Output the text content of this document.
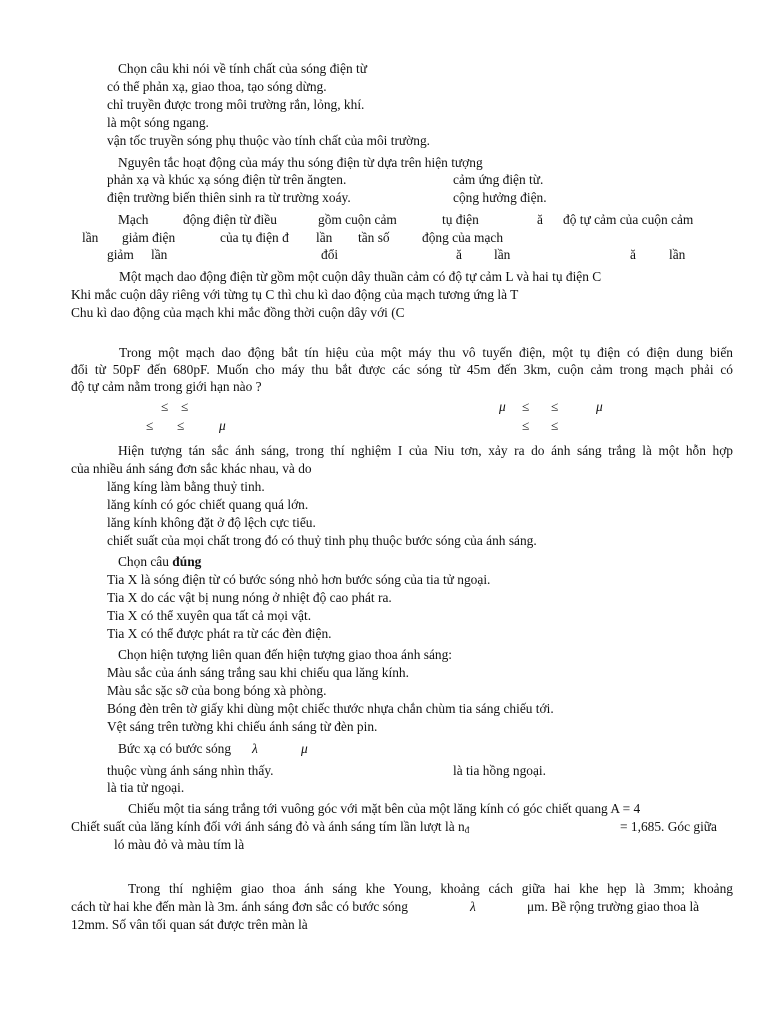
Chọn câu khi nói về tính chất của sóng điện từ
có thể phản xạ, giao thoa, tạo sóng dừng.
chỉ truyền được trong môi trường rắn, lỏng, khí.
là một sóng ngang.
vận tốc truyền sóng phụ thuộc vào tính chất của môi trường.
Nguyên tắc hoạt động của máy thu sóng điện từ dựa trên hiện tượng
phản xạ và khúc xạ sóng điện từ trên ăngten.	cảm ứng điện từ.
điện trường biến thiên sinh ra từ trường xoáy.	cộng hưởng điện.
Mạch	động điện từ điều	gồm cuộn cảm	tụ điện	ă độ tự cảm của cuộn cảm
lần giảm điện	của tụ điện đ lần tần số động của mạch
giảm lần	đổi	ă lần	ă lần
Một mạch dao động điện từ gồm một cuộn dây thuần cảm có độ tự cảm L và hai tụ điện C
Khi mắc cuộn dây riêng với từng tụ C thì chu kì dao động của mạch tương ứng là T
Chu kì dao động của mạch khi mắc đồng thời cuộn dây với (C
Trong một mạch dao động bắt tín hiệu của một máy thu vô tuyến điện, một tụ điện có điện dung biến
đổi từ 50pF đến 680pF. Muốn cho máy thu bắt được các sóng từ 45m đến 3km, cuộn cảm trong mạch phải có
độ tự cảm nằm trong giới hạn nào ?
≤ ≤	μ ≤ ≤	μ
≤ ≤	μ	≤ ≤
Hiện tượng tán sắc ánh sáng, trong thí nghiệm I của Niu tơn, xảy ra do ánh sáng trắng là một hỗn hợp
của nhiều ánh sáng đơn sắc khác nhau, và do
lăng kíng làm bằng thuỷ tinh.
lăng kính có góc chiết quang quá lớn.
lăng kính không đặt ở độ lệch cực tiểu.
chiết suất của mọi chất trong đó có thuỷ tinh phụ thuộc bước sóng của ánh sáng.
Chọn câu đúng
Tia X là sóng điện từ có bước sóng nhỏ hơn bước sóng của tia tử ngoại.
Tia X do các vật bị nung nóng ở nhiệt độ cao phát ra.
Tia X có thể xuyên qua tất cả mọi vật.
Tia X có thể được phát ra từ các đèn điện.
Chọn hiện tượng liên quan đến hiện tượng giao thoa ánh sáng:
Màu sắc của ánh sáng trắng sau khi chiếu qua lăng kính.
Màu sắc sặc sỡ của bong bóng xà phòng.
Bóng đèn trên tờ giấy khi dùng một chiếc thước nhựa chắn chùm tia sáng chiếu tới.
Vệt sáng trên tường khi chiếu ánh sáng từ đèn pin.
Bức xạ có bước sóng λ	μ
thuộc vùng ánh sáng nhìn thấy.	là tia hồng ngoại.
là tia tử ngoại.
Chiếu một tia sáng trắng tới vuông góc với mặt bên của một lăng kính có góc chiết quang A = 4
Chiết suất của lăng kính đối với ánh sáng đỏ và ánh sáng tím lần lượt là $n_đ$	= 1,685. Góc giữa
ló màu đỏ và màu tím là
Trong thí nghiệm giao thoa ánh sáng khe Young, khoảng cách giữa hai khe hẹp là 3mm; khoảng
cách từ hai khe đến màn là 3m. ánh sáng đơn sắc có bước sóng	λ	μm. Bề rộng trường giao thoa là
12mm. Số vân tối quan sát được trên màn là
